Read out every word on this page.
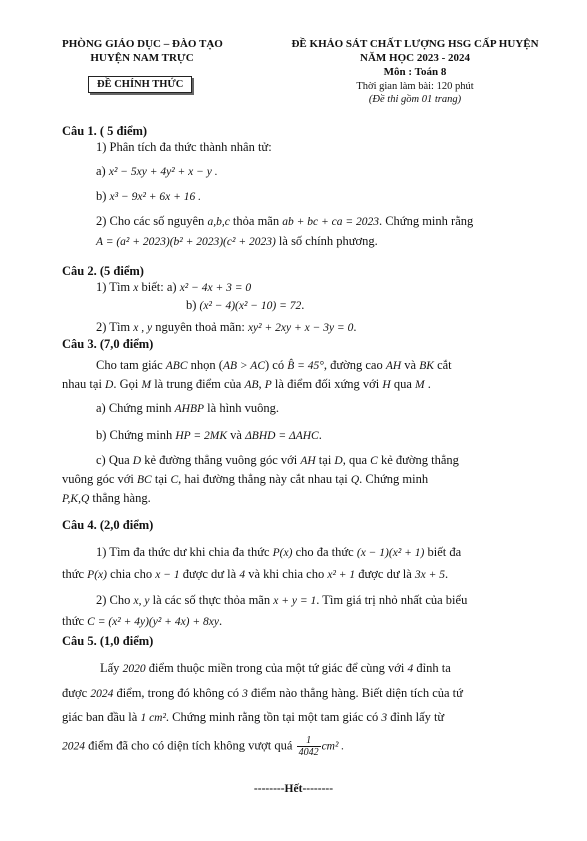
PHÒNG GIÁO DỤC – ĐÀO TẠO
HUYỆN NAM TRỰC
ĐỀ CHÍNH THỨC
ĐỀ KHẢO SÁT CHẤT LƯỢNG HSG CẤP HUYỆN
NĂM HỌC 2023 - 2024
Môn : Toán 8
Thời gian làm bài: 120 phút
(Đề thi gồm 01 trang)
Câu 1. ( 5 điểm)
1) Phân tích đa thức thành nhân tử:
a) x² − 5xy + 4y² + x − y .
b) x³ − 9x² + 6x + 16 .
2) Cho các số nguyên a,b,c thỏa mãn ab + bc + ca = 2023. Chứng minh rằng
A = (a² + 2023)(b² + 2023)(c² + 2023) là số chính phương.
Câu 2. (5 điểm)
1) Tìm x biết: a) x² − 4x + 3 = 0
b) (x² − 4)(x² − 10) = 72.
2) Tìm x , y nguyên thoả mãn: xy² + 2xy + x − 3y = 0.
Câu 3. (7,0 điểm)
Cho tam giác ABC nhọn (AB > AC) có B̂ = 45°, đường cao AH và BK cắt
nhau tại D. Gọi M là trung điểm của AB, P là điểm đối xứng với H qua M .
a) Chứng minh AHBP là hình vuông.
b) Chứng minh HP = 2MK và ΔBHD = ΔAHC.
c) Qua D kẻ đường thẳng vuông góc với AH tại D, qua C kẻ đường thẳng
vuông góc với BC tại C, hai đường thẳng này cắt nhau tại Q. Chứng minh
P,K,Q thẳng hàng.
Câu 4. (2,0 điểm)
1) Tìm đa thức dư khi chia đa thức P(x) cho đa thức (x − 1)(x² + 1) biết đa
thức P(x) chia cho x − 1 được dư là 4 và khi chia cho x² + 1 được dư là 3x + 5.
2) Cho x, y là các số thực thỏa mãn x + y = 1. Tìm giá trị nhỏ nhất của biểu
thức C = (x² + 4y)(y² + 4x) + 8xy.
Câu 5. (1,0 điểm)
Lấy 2020 điểm thuộc miền trong của một tứ giác để cùng với 4 đỉnh ta
được 2024 điểm, trong đó không có 3 điểm nào thẳng hàng. Biết diện tích của tứ
giác ban đầu là 1 cm². Chứng minh rằng tồn tại một tam giác có 3 đỉnh lấy từ
2024 điểm đã cho có diện tích không vượt quá $\frac{1}{4042} cm^2$ .
--------Hết--------
